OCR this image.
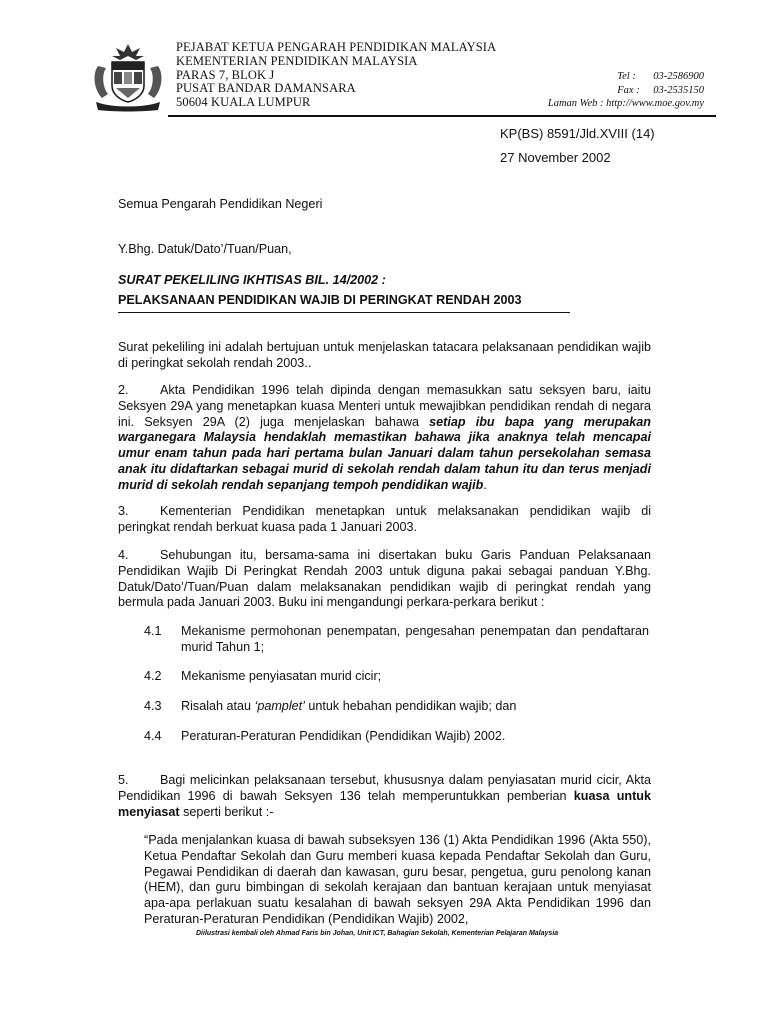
PEJABAT KETUA PENGARAH PENDIDIKAN MALAYSIA
KEMENTERIAN PENDIDIKAN MALAYSIA
PARAS 7, BLOK J
PUSAT BANDAR DAMANSARA
50604 KUALA LUMPUR
Tel : 03-2586900
Fax : 03-2535150
Laman Web : http://www.moe.gov.my
KP(BS) 8591/Jld.XVIII (14)
27 November 2002
Semua Pengarah Pendidikan Negeri
Y.Bhg. Datuk/Dato’/Tuan/Puan,
SURAT PEKELILING IKHTISAS BIL. 14/2002 :
PELAKSANAAN PENDIDIKAN WAJIB DI PERINGKAT RENDAH 2003
Surat pekeliling ini adalah bertujuan untuk menjelaskan tatacara pelaksanaan pendidikan wajib di peringkat sekolah rendah 2003..
2. Akta Pendidikan 1996 telah dipinda dengan memasukkan satu seksyen baru, iaitu Seksyen 29A yang menetapkan kuasa Menteri untuk mewajibkan pendidikan rendah di negara ini. Seksyen 29A (2) juga menjelaskan bahawa setiap ibu bapa yang merupakan warganegara Malaysia hendaklah memastikan bahawa jika anaknya telah mencapai umur enam tahun pada hari pertama bulan Januari dalam tahun persekolahan semasa anak itu didaftarkan sebagai murid di sekolah rendah dalam tahun itu dan terus menjadi murid di sekolah rendah sepanjang tempoh pendidikan wajib.
3. Kementerian Pendidikan menetapkan untuk melaksanakan pendidikan wajib di peringkat rendah berkuat kuasa pada 1 Januari 2003.
4. Sehubungan itu, bersama-sama ini disertakan buku Garis Panduan Pelaksanaan Pendidikan Wajib Di Peringkat Rendah 2003 untuk diguna pakai sebagai panduan Y.Bhg. Datuk/Dato’/Tuan/Puan dalam melaksanakan pendidikan wajib di peringkat rendah yang bermula pada Januari 2003. Buku ini mengandungi perkara-perkara berikut :
4.1 Mekanisme permohonan penempatan, pengesahan penempatan dan pendaftaran murid Tahun 1;
4.2 Mekanisme penyiasatan murid cicir;
4.3 Risalah atau ‘pamplet’ untuk hebahan pendidikan wajib; dan
4.4 Peraturan-Peraturan Pendidikan (Pendidikan Wajib) 2002.
5. Bagi melicinkan pelaksanaan tersebut, khususnya dalam penyiasatan murid cicir, Akta Pendidikan 1996 di bawah Seksyen 136 telah memperuntukkan pemberian kuasa untuk menyiasat seperti berikut :-
“Pada menjalankan kuasa di bawah subseksyen 136 (1) Akta Pendidikan 1996 (Akta 550), Ketua Pendaftar Sekolah dan Guru memberi kuasa kepada Pendaftar Sekolah dan Guru, Pegawai Pendidikan di daerah dan kawasan, guru besar, pengetua, guru penolong kanan (HEM), dan guru bimbingan di sekolah kerajaan dan bantuan kerajaan untuk menyiasat apa-apa perlakuan suatu kesalahan di bawah seksyen 29A Akta Pendidikan 1996 dan Peraturan-Peraturan Pendidikan (Pendidikan Wajib) 2002,
Diilustrasi kembali oleh Ahmad Faris bin Johan, Unit ICT, Bahagian Sekolah, Kementerian Pelajaran Malaysia
